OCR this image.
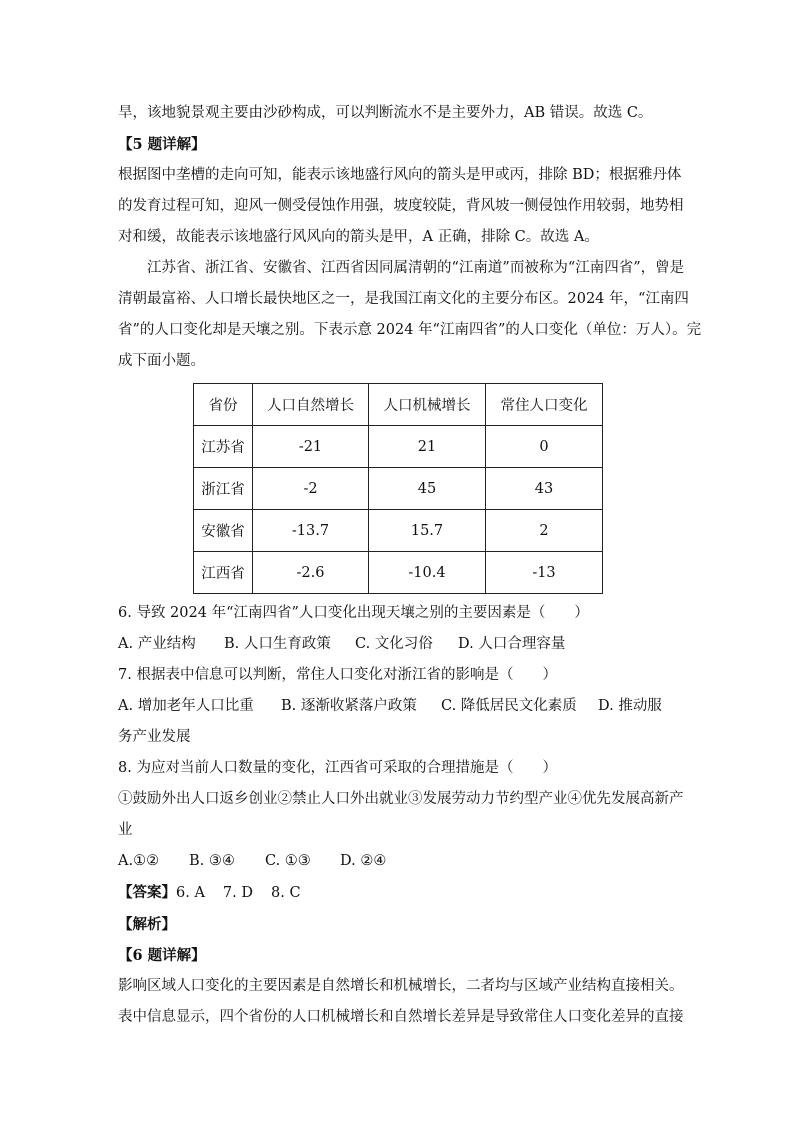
旱，该地貌景观主要由沙砂构成，可以判断流水不是主要外力，AB 错误。故选 C。

【5 题详解】

根据图中垄槽的走向可知，能表示该地盛行风向的箭头是甲或丙，排除 BD；根据雅丹体

的发育过程可知，迎风一侧受侵蚀作用强，坡度较陡，背风坡一侧侵蚀作用较弱，地势相

对和缓，故能表示该地盛行风风向的箭头是甲，A 正确，排除 C。故选 A。

江苏省、浙江省、安徽省、江西省因同属清朝的“江南道”而被称为“江南四省”，曾是

清朝最富裕、人口增长最快地区之一，是我国江南文化的主要分布区。2024 年，“江南四

省”的人口变化却是天壤之别。下表示意 2024 年“江南四省”的人口变化（单位：万人）。完

成下面小题。

省份	人口自然增长	人口机械增长	常住人口变化
江苏省	-21	21	0
浙江省	-2	45	43
安徽省	-13.7	15.7	2
江西省	-2.6	-10.4	-13

6. 导致 2024 年“江南四省”人口变化出现天壤之别的主要因素是（　　）

A. 产业结构 B. 人口生育政策 C. 文化习俗 D. 人口合理容量

7. 根据表中信息可以判断，常住人口变化对浙江省的影响是（　　）

A. 增加老年人口比重 B. 逐渐收紧落户政策 C. 降低居民文化素质 D. 推动服

务产业发展

8. 为应对当前人口数量的变化，江西省可采取的合理措施是（　　）

①鼓励外出人口返乡创业②禁止人口外出就业③发展劳动力节约型产业④优先发展高新产

业

A.①② B. ③④ C. ①③ D. ②④

【答案】6. A 7. D 8. C

【解析】

【6 题详解】

影响区域人口变化的主要因素是自然增长和机械增长，二者均与区域产业结构直接相关。

表中信息显示，四个省份的人口机械增长和自然增长差异是导致常住人口变化差异的直接
